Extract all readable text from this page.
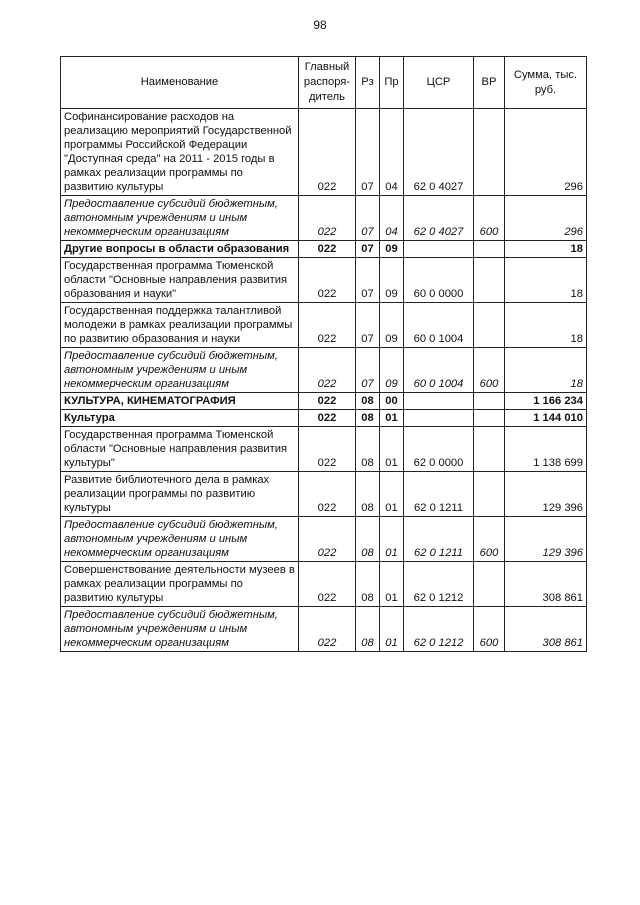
98
Наименование	Главный распоря-дитель	Рз	Пр	ЦСР	ВР	Сумма, тыс. руб.
Софинансирование расходов на реализацию мероприятий Государственной программы Российской Федерации "Доступная среда" на 2011 - 2015 годы в рамках реализации программы по развитию культуры	022	07	04	62 0 4027		296
Предоставление субсидий бюджетным, автономным учреждениям и иным некоммерческим организациям	022	07	04	62 0 4027	600	296
Другие вопросы в области образования	022	07	09			18
Государственная программа Тюменской области "Основные направления развития образования и науки"	022	07	09	60 0 0000		18
Государственная поддержка талантливой молодежи в рамках реализации программы по развитию образования и науки	022	07	09	60 0 1004		18
Предоставление субсидий бюджетным, автономным учреждениям и иным некоммерческим организациям	022	07	09	60 0 1004	600	18
КУЛЬТУРА, КИНЕМАТОГРАФИЯ	022	08	00			1 166 234
Культура	022	08	01			1 144 010
Государственная программа Тюменской области "Основные направления развития культуры"	022	08	01	62 0 0000		1 138 699
Развитие библиотечного дела в рамках реализации программы по развитию культуры	022	08	01	62 0 1211		129 396
Предоставление субсидий бюджетным, автономным учреждениям и иным некоммерческим организациям	022	08	01	62 0 1211	600	129 396
Совершенствование деятельности музеев в рамках реализации программы по развитию культуры	022	08	01	62 0 1212		308 861
Предоставление субсидий бюджетным, автономным учреждениям и иным некоммерческим организациям	022	08	01	62 0 1212	600	308 861
